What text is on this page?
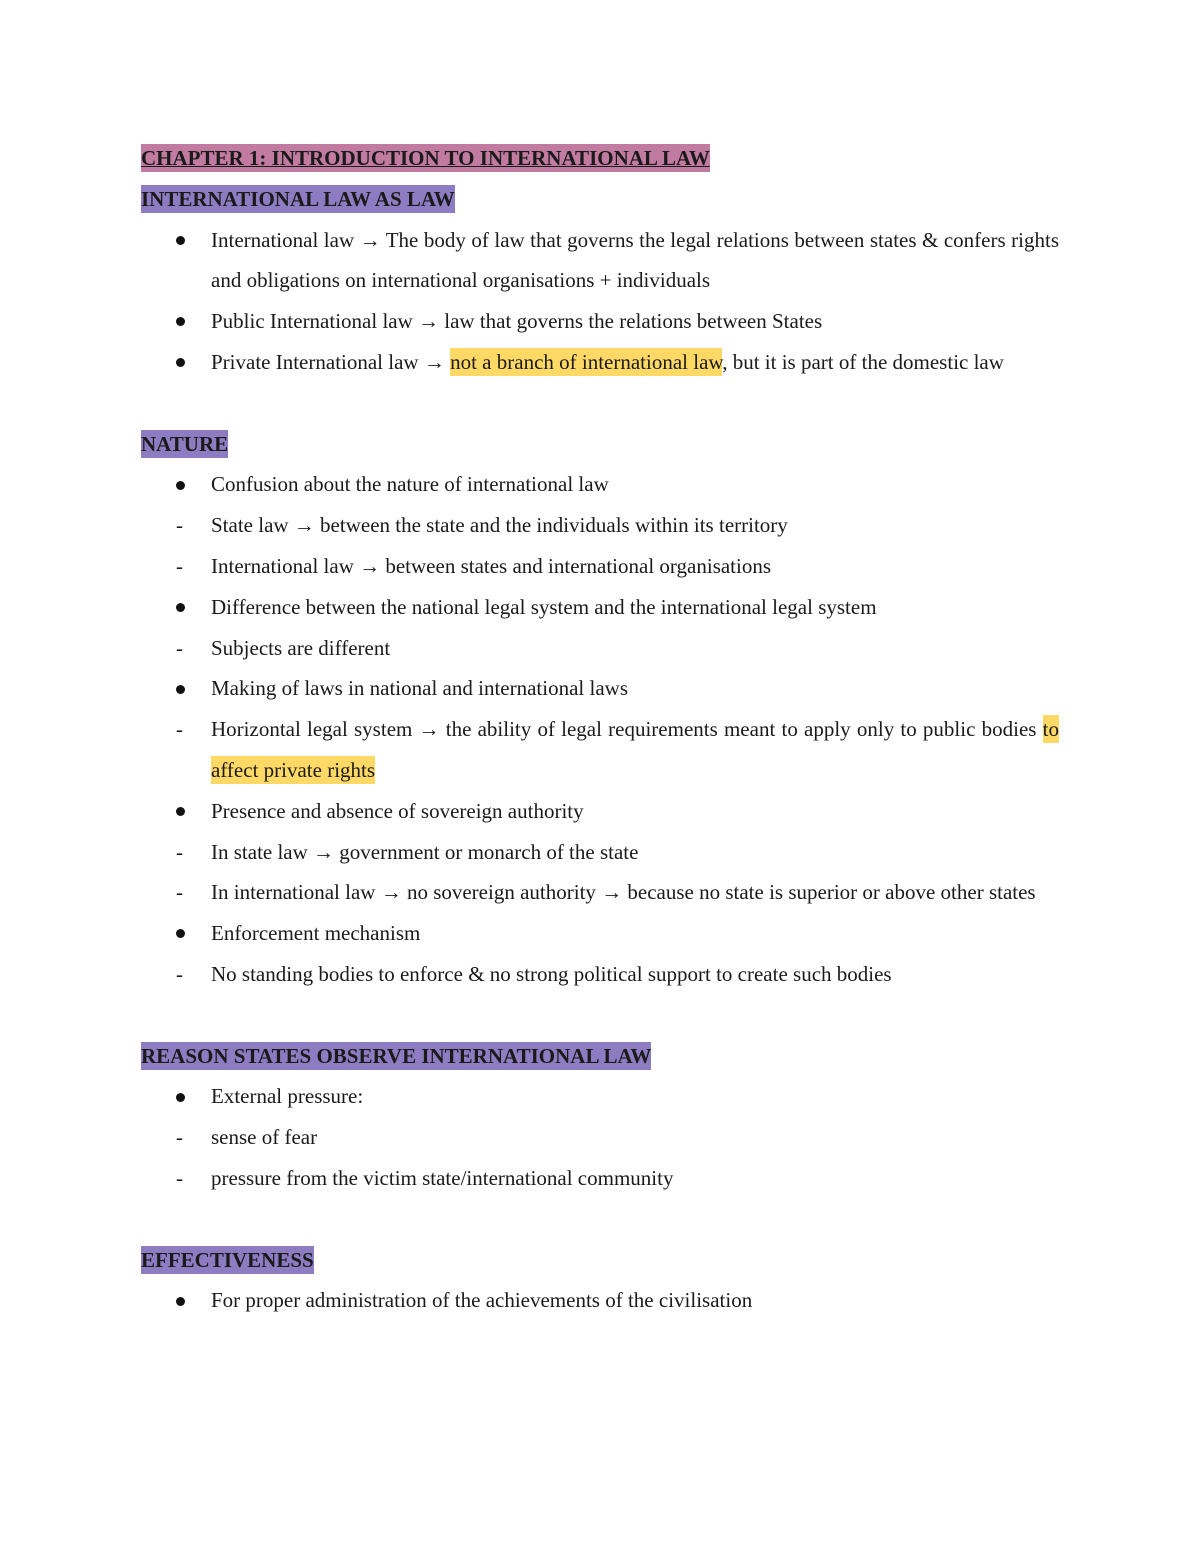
CHAPTER 1: INTRODUCTION TO INTERNATIONAL LAW
INTERNATIONAL LAW AS LAW
International law → The body of law that governs the legal relations between states & confers rights and obligations on international organisations + individuals
Public International law → law that governs the relations between States
Private International law → not a branch of international law, but it is part of the domestic law
NATURE
Confusion about the nature of international law
-	State law → between the state and the individuals within its territory
-	International law → between states and international organisations
Difference between the national legal system and the international legal system
-	Subjects are different
Making of laws in national and international laws
-	Horizontal legal system → the ability of legal requirements meant to apply only to public bodies to affect private rights
Presence and absence of sovereign authority
-	In state law → government or monarch of the state
-	In international law → no sovereign authority → because no state is superior or above other states
Enforcement mechanism
-	No standing bodies to enforce & no strong political support to create such bodies
REASON STATES OBSERVE INTERNATIONAL LAW
External pressure:
-	sense of fear
-	pressure from the victim state/international community
EFFECTIVENESS
For proper administration of the achievements of the civilisation
